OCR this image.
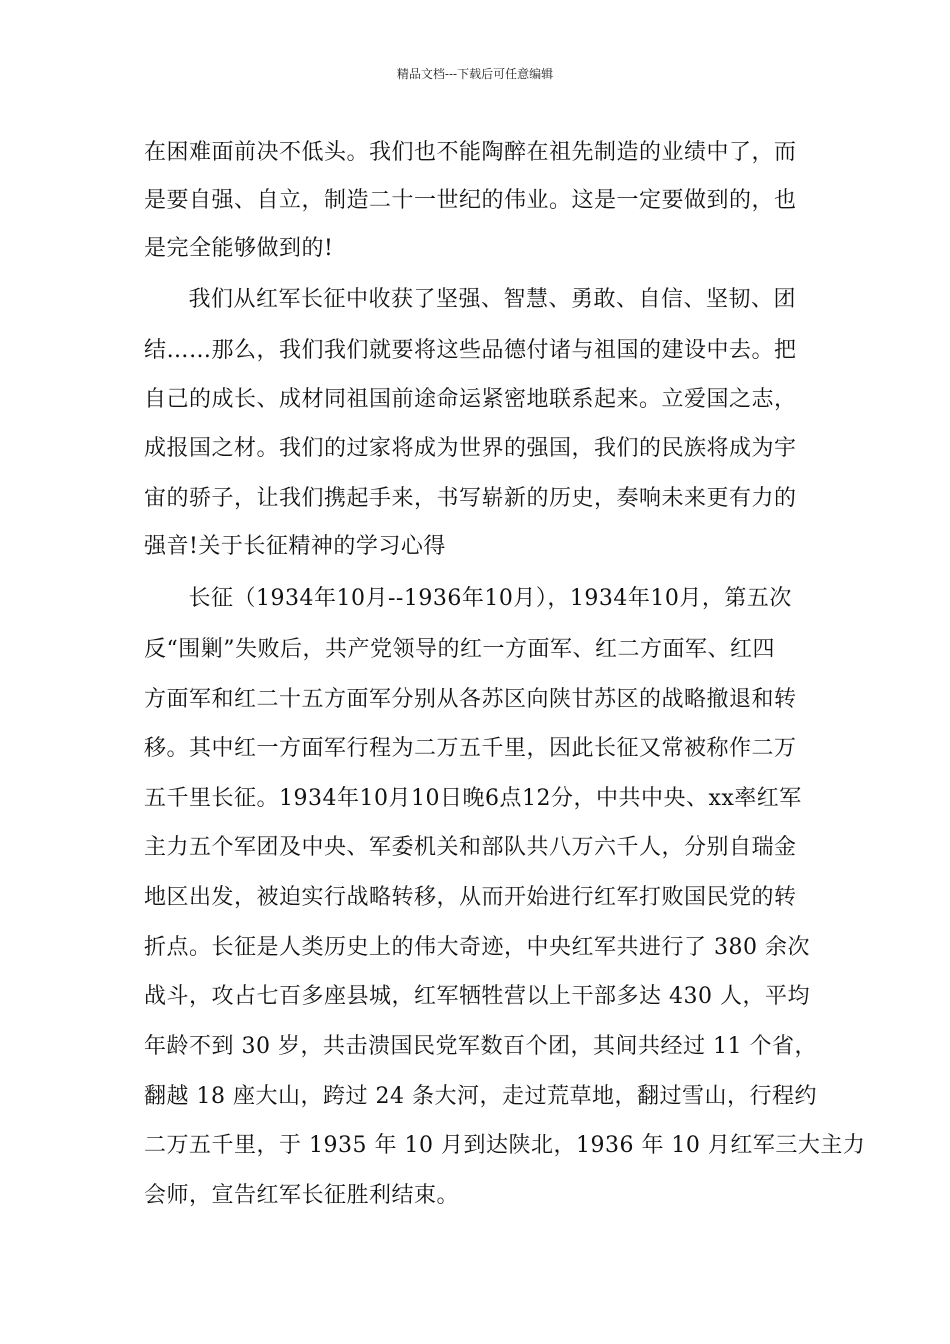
精品文档---下载后可任意编辑
在困难面前决不低头。我们也不能陶醉在祖先制造的业绩中了，而
是要自强、自立，制造二十一世纪的伟业。这是一定要做到的，也
是完全能够做到的!
　我们从红军长征中收获了坚强、智慧、勇敢、自信、坚韧、团
结……那么，我们我们就要将这些品德付诸与祖国的建设中去。把
自己的成长、成材同祖国前途命运紧密地联系起来。立爱国之志，
成报国之材。我们的过家将成为世界的强国，我们的民族将成为宇
宙的骄子，让我们携起手来，书写崭新的历史，奏响未来更有力的
强音!关于长征精神的学习心得
　长征（1934年10月--1936年10月），1934年10月，第五次
反“围剿”失败后，共产党领导的红一方面军、红二方面军、红四
方面军和红二十五方面军分别从各苏区向陕甘苏区的战略撤退和转
移。其中红一方面军行程为二万五千里，因此长征又常被称作二万
五千里长征。1934年10月10日晚6点12分，中共中央、xx率红军
主力五个军团及中央、军委机关和部队共八万六千人，分别自瑞金
地区出发，被迫实行战略转移，从而开始进行红军打败国民党的转
折点。长征是人类历史上的伟大奇迹，中央红军共进行了 380 余次
战斗，攻占七百多座县城，红军牺牲营以上干部多达 430 人，平均
年龄不到 30 岁，共击溃国民党军数百个团，其间共经过 11 个省，
翻越 18 座大山，跨过 24 条大河，走过荒草地，翻过雪山，行程约
二万五千里，于 1935 年 10 月到达陕北，1936 年 10 月红军三大主力
会师，宣告红军长征胜利结束。
